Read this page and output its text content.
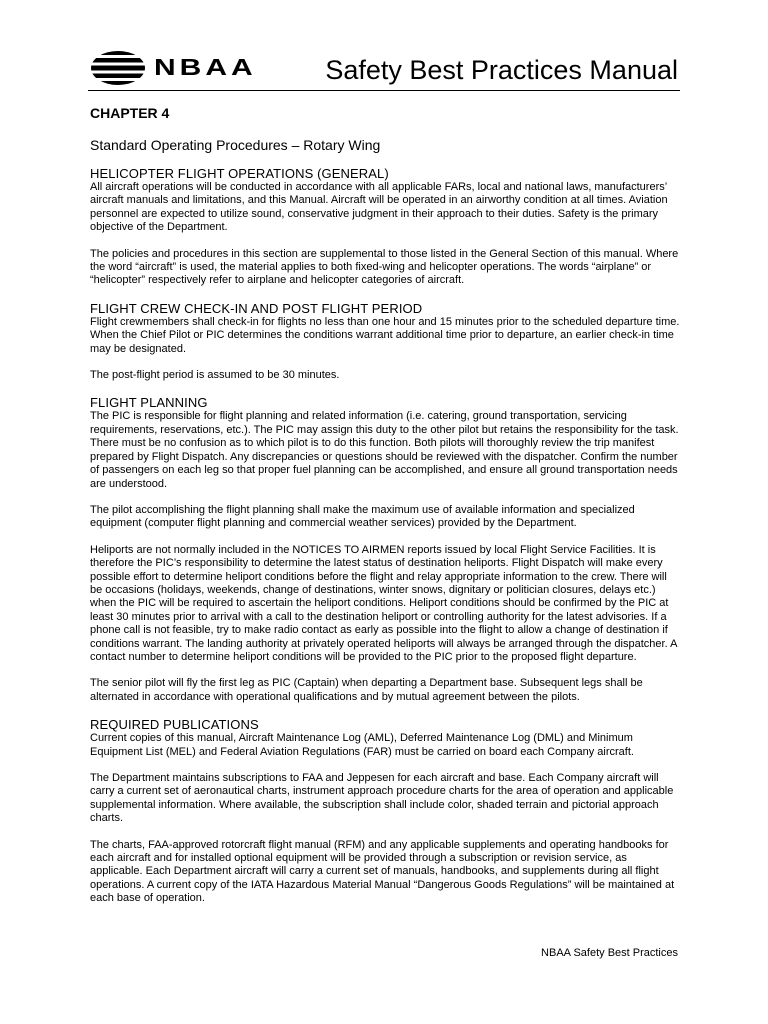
NBAA	Safety Best Practices Manual
CHAPTER 4
Standard Operating Procedures – Rotary Wing
HELICOPTER FLIGHT OPERATIONS (GENERAL)

All aircraft operations will be conducted in accordance with all applicable FARs, local and national laws, manufacturers’ aircraft manuals and limitations, and this Manual. Aircraft will be operated in an airworthy condition at all times. Aviation personnel are expected to utilize sound, conservative judgment in their approach to their duties. Safety is the primary objective of the Department.

The policies and procedures in this section are supplemental to those listed in the General Section of this manual. Where the word “aircraft” is used, the material applies to both fixed-wing and helicopter operations. The words “airplane” or “helicopter” respectively refer to airplane and helicopter categories of aircraft.

FLIGHT CREW CHECK-IN AND POST FLIGHT PERIOD

Flight crewmembers shall check-in for flights no less than one hour and 15 minutes prior to the scheduled departure time. When the Chief Pilot or PIC determines the conditions warrant additional time prior to departure, an earlier check-in time may be designated.

The post-flight period is assumed to be 30 minutes.

FLIGHT PLANNING

The PIC is responsible for flight planning and related information (i.e. catering, ground transportation, servicing requirements, reservations, etc.). The PIC may assign this duty to the other pilot but retains the responsibility for the task. There must be no confusion as to which pilot is to do this function. Both pilots will thoroughly review the trip manifest prepared by Flight Dispatch. Any discrepancies or questions should be reviewed with the dispatcher. Confirm the number of passengers on each leg so that proper fuel planning can be accomplished, and ensure all ground transportation needs are understood.

The pilot accomplishing the flight planning shall make the maximum use of available information and specialized equipment (computer flight planning and commercial weather services) provided by the Department.

Heliports are not normally included in the NOTICES TO AIRMEN reports issued by local Flight Service Facilities. It is therefore the PIC’s responsibility to determine the latest status of destination heliports. Flight Dispatch will make every possible effort to determine heliport conditions before the flight and relay appropriate information to the crew. There will be occasions (holidays, weekends, change of destinations, winter snows, dignitary or politician closures, delays etc.) when the PIC will be required to ascertain the heliport conditions. Heliport conditions should be confirmed by the PIC at least 30 minutes prior to arrival with a call to the destination heliport or controlling authority for the latest advisories. If a phone call is not feasible, try to make radio contact as early as possible into the flight to allow a change of destination if conditions warrant. The landing authority at privately operated heliports will always be arranged through the dispatcher. A contact number to determine heliport conditions will be provided to the PIC prior to the proposed flight departure.

The senior pilot will fly the first leg as PIC (Captain) when departing a Department base. Subsequent legs shall be alternated in accordance with operational qualifications and by mutual agreement between the pilots.

REQUIRED PUBLICATIONS

Current copies of this manual, Aircraft Maintenance Log (AML), Deferred Maintenance Log (DML) and Minimum Equipment List (MEL) and Federal Aviation Regulations (FAR) must be carried on board each Company aircraft.

The Department maintains subscriptions to FAA and Jeppesen for each aircraft and base. Each Company aircraft will carry a current set of aeronautical charts, instrument approach procedure charts for the area of operation and applicable supplemental information. Where available, the subscription shall include color, shaded terrain and pictorial approach charts.

The charts, FAA-approved rotorcraft flight manual (RFM) and any applicable supplements and operating handbooks for each aircraft and for installed optional equipment will be provided through a subscription or revision service, as applicable. Each Department aircraft will carry a current set of manuals, handbooks, and supplements during all flight operations. A current copy of the IATA Hazardous Material Manual “Dangerous Goods Regulations” will be maintained at each base of operation.

NBAA Safety Best Practices
